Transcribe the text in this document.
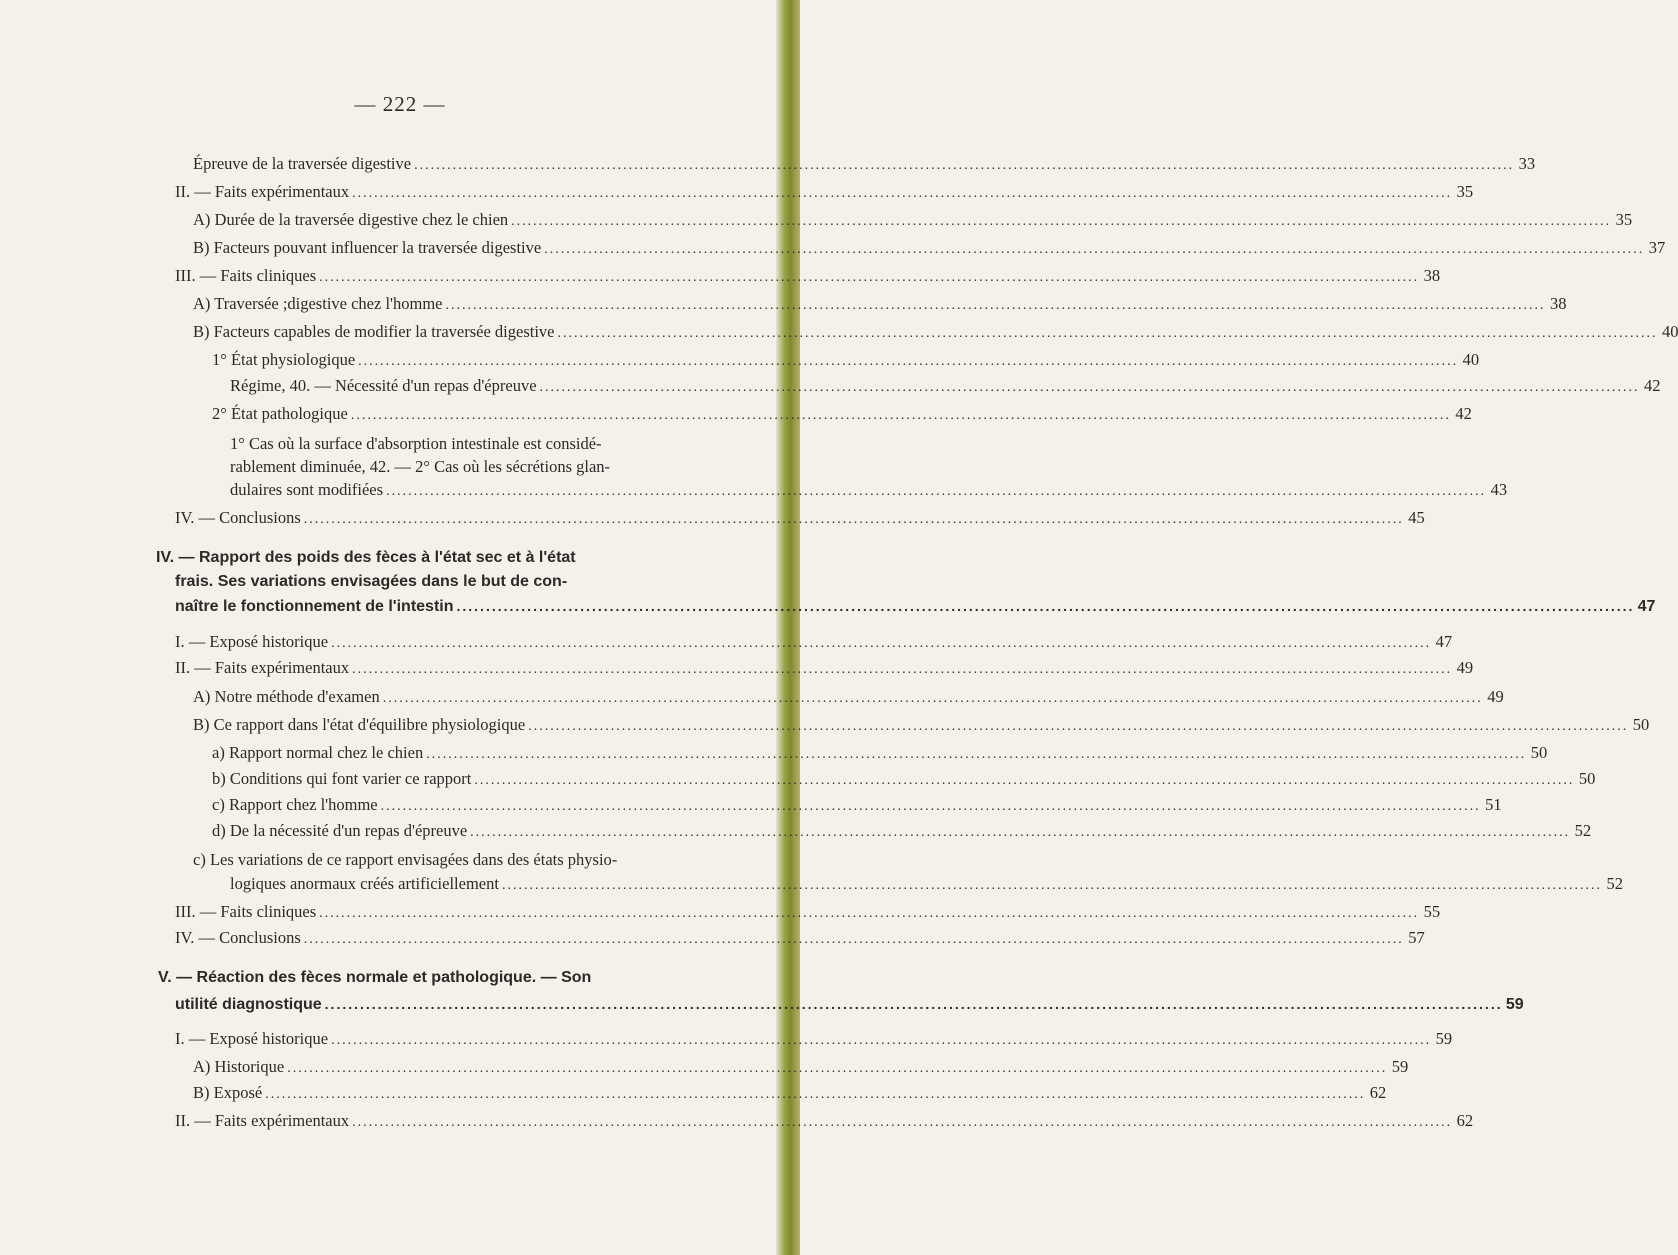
— 222 —
Épreuve de la traversée digestive .....	33
II. — Faits expérimentaux .....	35
A) Durée de la traversée digestive chez le chien .....	35
B) Facteurs pouvant influencer la traversée digestive .....	37
III. — Faits cliniques .....	38
A) Traversée ;digestive chez l'homme .....	38
B) Facteurs capables de modifier la traversée digestive .....	40
1° État physiologique .....	40
Régime, 40. — Nécessité d'un repas d'épreuve .....	42
2° État pathologique .....	42
1° Cas où la surface d'absorption intestinale est considé-
rablement diminuée, 42. — 2° Cas où les sécrétions glan-
dulaires sont modifiées .....	43
IV. — Conclusions .....	45
IV. — Rapport des poids des fèces à l'état sec et à l'état
frais. Ses variations envisagées dans le but de con-
naître le fonctionnement de l'intestin .....	47
I. — Exposé historique .....	47
II. — Faits expérimentaux .....	49
A) Notre méthode d'examen .....	49
B) Ce rapport dans l'état d'équilibre physiologique .....	50
a) Rapport normal chez le chien .....	50
b) Conditions qui font varier ce rapport .....	50
c) Rapport chez l'homme .....	51
d) De la nécessité d'un repas d'épreuve .....	52
c) Les variations de ce rapport envisagées dans des états physio-
logiques anormaux créés artificiellement .....	52
III. — Faits cliniques .....	55
IV. — Conclusions .....	57
V. — Réaction des fèces normale et pathologique. — Son
utilité diagnostique .....	59
I. — Exposé historique .....	59
A) Historique .....	59
B) Exposé .....	62
II. — Faits expérimentaux .....	62
